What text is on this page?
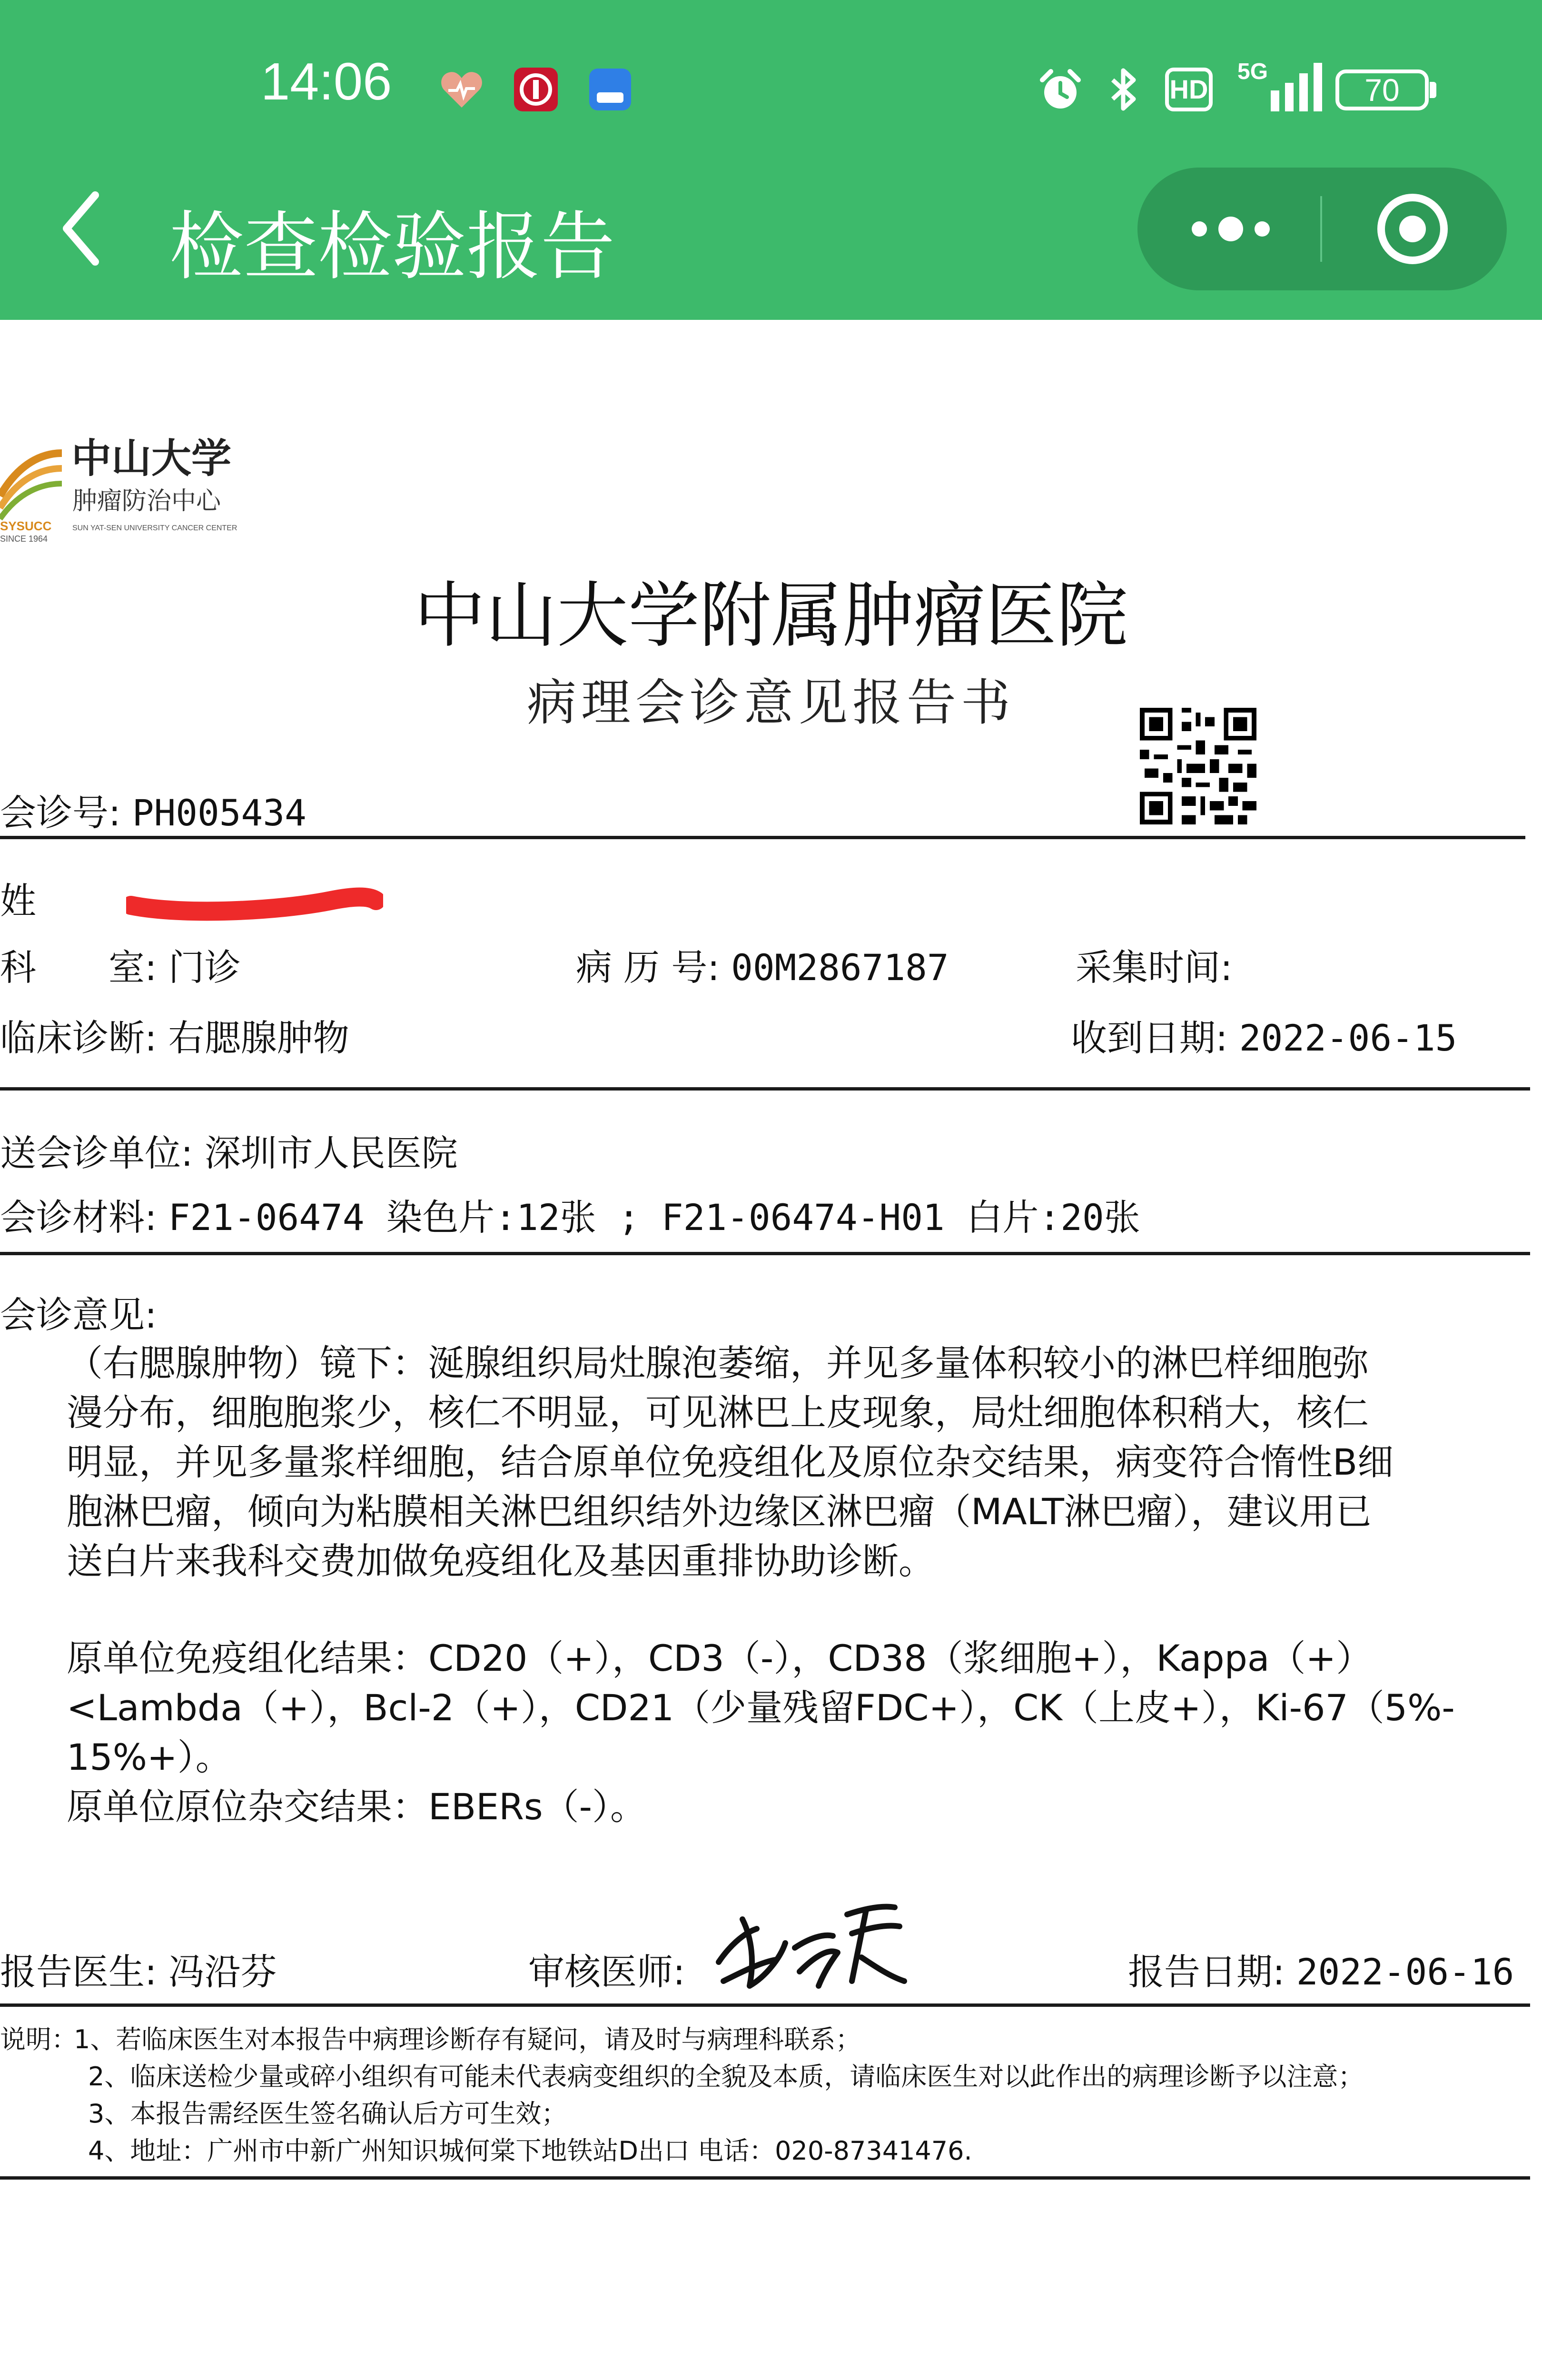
14:06	HD
5G
70
检查检验报告
中山大学
肿瘤防治中心
SYSUCC
SINCE 1964
SUN YAT-SEN UNIVERSITY CANCER CENTER
中山大学附属肿瘤医院
病理会诊意见报告书
会诊号: PH005434
姓
科　　室: 门诊	病 历 号: 00M2867187	采集时间:
临床诊断: 右腮腺肿物	收到日期: 2022-06-15
送会诊单位: 深圳市人民医院
会诊材料: F21-06474 染色片:12张 ; F21-06474-H01 白片:20张
会诊意见:
（右腮腺肿物）镜下：涎腺组织局灶腺泡萎缩，并见多量体积较小的淋巴样细胞弥
漫分布，细胞胞浆少，核仁不明显，可见淋巴上皮现象，局灶细胞体积稍大，核仁
明显，并见多量浆样细胞，结合原单位免疫组化及原位杂交结果，病变符合惰性B细
胞淋巴瘤，倾向为粘膜相关淋巴组织结外边缘区淋巴瘤（MALT淋巴瘤），建议用已
送白片来我科交费加做免疫组化及基因重排协助诊断。
原单位免疫组化结果：CD20（+），CD3（-），CD38（浆细胞+），Kappa（+）
<Lambda（+），Bcl-2（+），CD21（少量残留FDC+），CK（上皮+），Ki-67（5%-
15%+）。
原单位原位杂交结果：EBERs（-）。
报告医生: 冯沿芬	审核医师:	报告日期: 2022-06-16
说明：
1、若临床医生对本报告中病理诊断存有疑问，请及时与病理科联系；
2、临床送检少量或碎小组织有可能未代表病变组织的全貌及本质，请临床医生对以此作出的病理诊断予以注意；
3、本报告需经医生签名确认后方可生效；
4、地址：广州市中新广州知识城何棠下地铁站D出口 电话：020-87341476.
